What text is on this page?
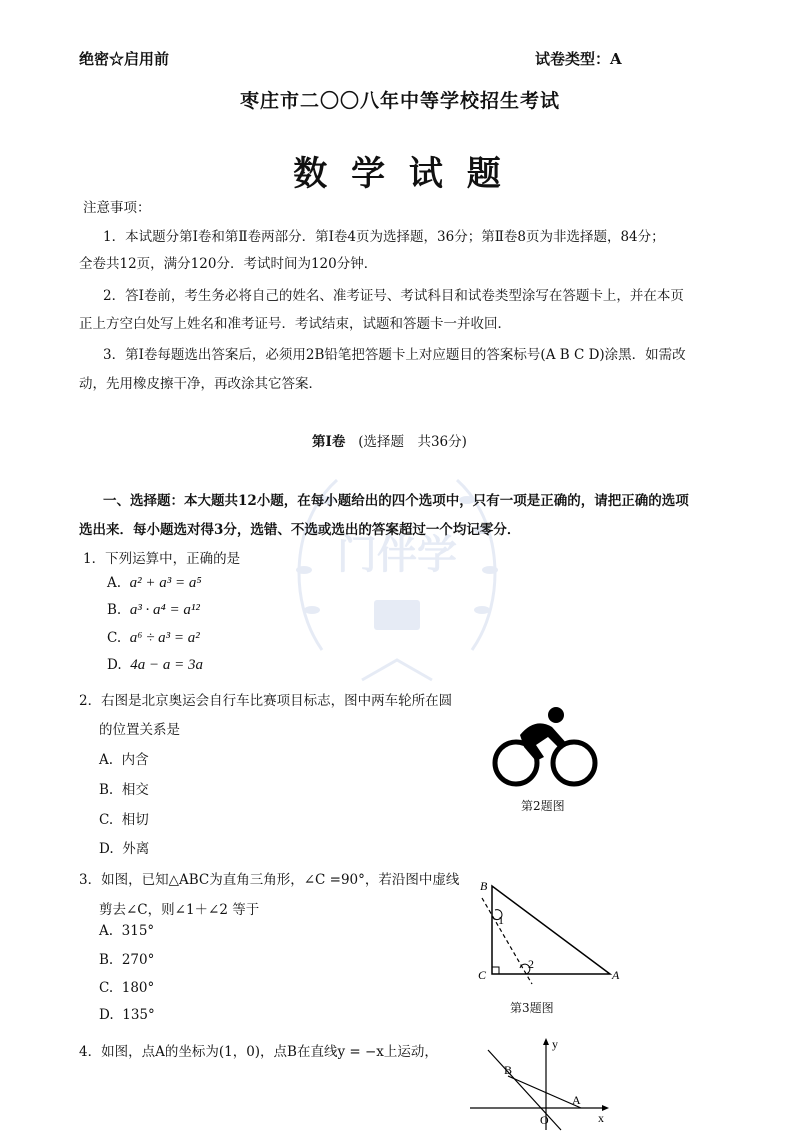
绝密☆启用前	试卷类型：A
枣庄市二〇〇八年中等学校招生考试
数 学 试 题
门伴学
注意事项：
1．本试题分第Ⅰ卷和第Ⅱ卷两部分．第Ⅰ卷4页为选择题，36分；第Ⅱ卷8页为非选择题，84分；
全卷共12页，满分120分．考试时间为120分钟．
2．答Ⅰ卷前，考生务必将自己的姓名、准考证号、考试科目和试卷类型涂写在答题卡上，并在本页
正上方空白处写上姓名和准考证号．考试结束，试题和答题卡一并收回．
3．第Ⅰ卷每题选出答案后，必须用2B铅笔把答题卡上对应题目的答案标号(A B C D)涂黑．如需改
动，先用橡皮擦干净，再改涂其它答案．
第Ⅰ卷 (选择题　共36分)
一、选择题：本大题共12小题，在每小题给出的四个选项中，只有一项是正确的，请把正确的选项
选出来．每小题选对得3分，选错、不选或选出的答案超过一个均记零分．
1．下列运算中，正确的是
A. a² + a³ = a⁵
B. a³ · a⁴ = a¹²
C. a⁶ ÷ a³ = a²
D. 4a − a = 3a
2．右图是北京奥运会自行车比赛项目标志，图中两车轮所在圆
的位置关系是
A. 内含
B. 相交
C. 相切
D. 外离
第2题图
3．如图，已知△ABC为直角三角形，∠C =90°，若沿图中虚线
剪去∠C，则∠1＋∠2 等于
A. 315°
B. 270°
C. 180°
D. 135°
B
C	A
1
2
第3题图
4．如图，点A的坐标为(1，0)，点B在直线y = −x上运动，	y
B
A
O	x
